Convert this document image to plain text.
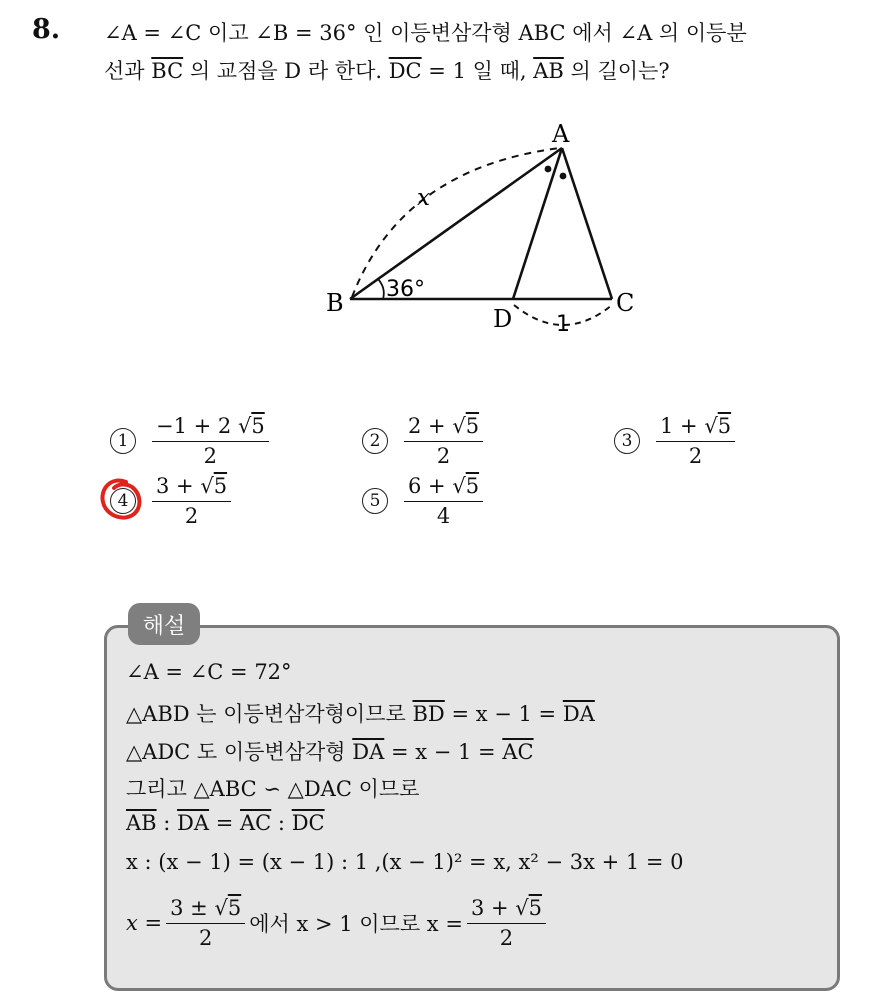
8. ∠A = ∠C 이고 ∠B = 36° 인 이등변삼각형 ABC 에서 ∠A 의 이등분
선과 $\overline{BC}$ 의 교점을 D 라 한다. $\overline{DC} = 1$ 일 때, $\overline{AB}$ 의 길이는?
A
B	C
D
x
36°
1
1	$\frac{-1 + 2 √5}{2}$	2	$\frac{2 + √5}{2}$	3	$\frac{1 + √5}{2}$
4	$\frac{3 + √5}{2}$	5	$\frac{6 + √5}{4}$
해설
∠A = ∠C = 72°
△ABD 는 이등변삼각형이므로 $\overline{BD} = x - 1 = \overline{DA}$
△ADC 도 이등변삼각형 $\overline{DA} = x - 1 = \overline{AC}$
그리고 △ABC ∽ △DAC 이므로
$\overline{AB}$ : $\overline{DA} = \overline{AC}$ : $\overline{DC}$
x : (x − 1) = (x − 1) : 1 ,(x − 1)² = x, x² − 3x + 1 = 0
$x = \frac{3 \pm √5}{2}$ 에서 x > 1 이므로 $x = \frac{3 + √5}{2}$
